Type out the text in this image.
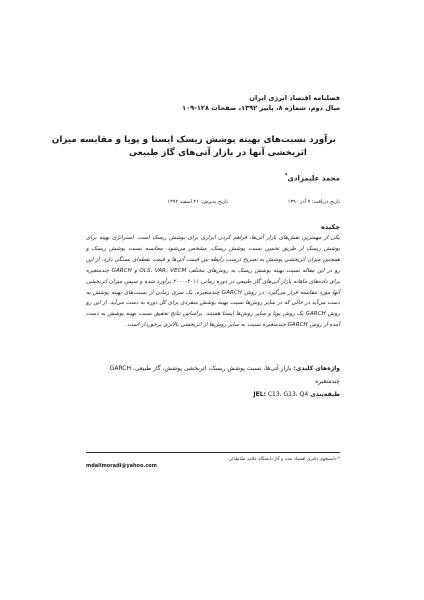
فصلنامه اقتصاد انرژی ایران
سال دوم، شماره ۸، پاییز ۱۳۹۲، صفحات ۱۲۸-۱۰۹
برآورد نسبت‌های بهینه پوشش ریسک ایستا و پویا و مقایسه میزان
اثربخشی آنها در بازار آتی‌های گاز طبیعی
محمد علیمرادی*
تاریخ دریافت: ۷ آذر ۱۳۹۰
تاریخ پذیرش: ۲۱ اسفند ۱۳۹۲
چکیده
یکی از مهمترین نقش‌های بازار آتی‌ها، فراهم کردن ابزاری برای پوشش ریسک است. استراتژی بهینه برای پوشش ریسک از طریق تخمین نسبت پوشش ریسک، مشخص می‌شود. محاسبه نسبت پوشش ریسک و همچنین میزان اثربخشی پوشش به تصریح درست رابطه بین قیمت آتی‌ها و قیمت نقطه‌ای بستگی دارد. از این رو در این مقاله نسبت بهینه پوشش ریسک به روش‌های مختلف OLS، VAR، VECM و GARCH چندمتغیره برای داده‌های ماهانه بازار آتی‌های گاز طبیعی در دوره زمانی ۲۰۱۱-۲۰۰۰ برآورد شده و سپس میزان اثربخشی آنها مورد مقایسه قرار می‌گیرد. در روش GARCH چندمتغیره، یک سری زمانی از نسبت‌های بهینه پوشش به دست می‌آید در حالی که در سایر روش‌ها نسبت بهینه پوشش منفردی برای کل دوره به دست می‌آید. از این رو روش GARCH یک روش پویا و سایر روش‌ها ایستا هستند. براساس نتایج تحقیق نسبت بهینه پوشش به دست آمده از روش GARCH چندمتغیره نسبت به سایر روش‌ها از اثربخشی بالاتری برخوردار است.
واژه‌های کلیدی: بازار آتی‌ها، نسبت پوشش ریسک، اثربخشی پوشش، گاز طبیعی، GARCH چندمتغیره
طبقه‌بندی JEL: C13، G13، Q4
* دانشجوی دکتری اقتصاد نفت و گاز دانشگاه علامه طباطبائی
mdalimoradi@yahoo.com
